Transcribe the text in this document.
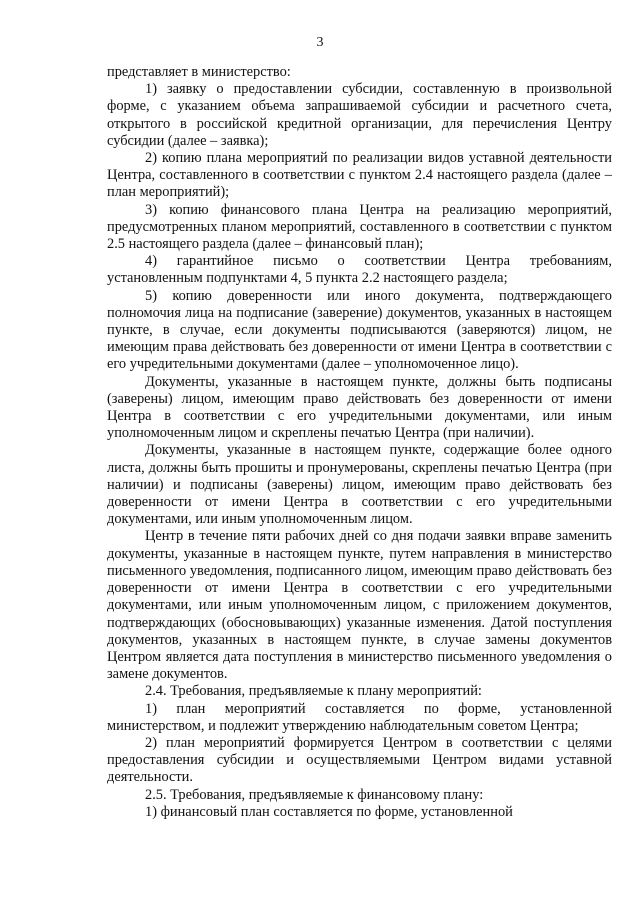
3

представляет в министерство:

1) заявку о предоставлении субсидии, составленную в произвольной форме, с указанием объема запрашиваемой субсидии и расчетного счета, открытого в российской кредитной организации, для перечисления Центру субсидии (далее – заявка);

2) копию плана мероприятий по реализации видов уставной деятельности Центра, составленного в соответствии с пунктом 2.4 настоящего раздела (далее – план мероприятий);

3) копию финансового плана Центра на реализацию мероприятий, предусмотренных планом мероприятий, составленного в соответствии с пунктом 2.5 настоящего раздела (далее – финансовый план);

4) гарантийное письмо о соответствии Центра требованиям, установленным подпунктами 4, 5 пункта 2.2 настоящего раздела;

5) копию доверенности или иного документа, подтверждающего полномочия лица на подписание (заверение) документов, указанных в настоящем пункте, в случае, если документы подписываются (заверяются) лицом, не имеющим права действовать без доверенности от имени Центра в соответствии с его учредительными документами (далее – уполномоченное лицо).

Документы, указанные в настоящем пункте, должны быть подписаны (заверены) лицом, имеющим право действовать без доверенности от имени Центра в соответствии с его учредительными документами, или иным уполномоченным лицом и скреплены печатью Центра (при наличии).

Документы, указанные в настоящем пункте, содержащие более одного листа, должны быть прошиты и пронумерованы, скреплены печатью Центра (при наличии) и подписаны (заверены) лицом, имеющим право действовать без доверенности от имени Центра в соответствии с его учредительными документами, или иным уполномоченным лицом.

Центр в течение пяти рабочих дней со дня подачи заявки вправе заменить документы, указанные в настоящем пункте, путем направления в министерство письменного уведомления, подписанного лицом, имеющим право действовать без доверенности от имени Центра в соответствии с его учредительными документами, или иным уполномоченным лицом, с приложением документов, подтверждающих (обосновывающих) указанные изменения. Датой поступления документов, указанных в настоящем пункте, в случае замены документов Центром является дата поступления в министерство письменного уведомления о замене документов.

2.4. Требования, предъявляемые к плану мероприятий:

1) план мероприятий составляется по форме, установленной министерством, и подлежит утверждению наблюдательным советом Центра;

2) план мероприятий формируется Центром в соответствии с целями предоставления субсидии и осуществляемыми Центром видами уставной деятельности.

2.5. Требования, предъявляемые к финансовому плану:

1) финансовый план составляется по форме, установленной
